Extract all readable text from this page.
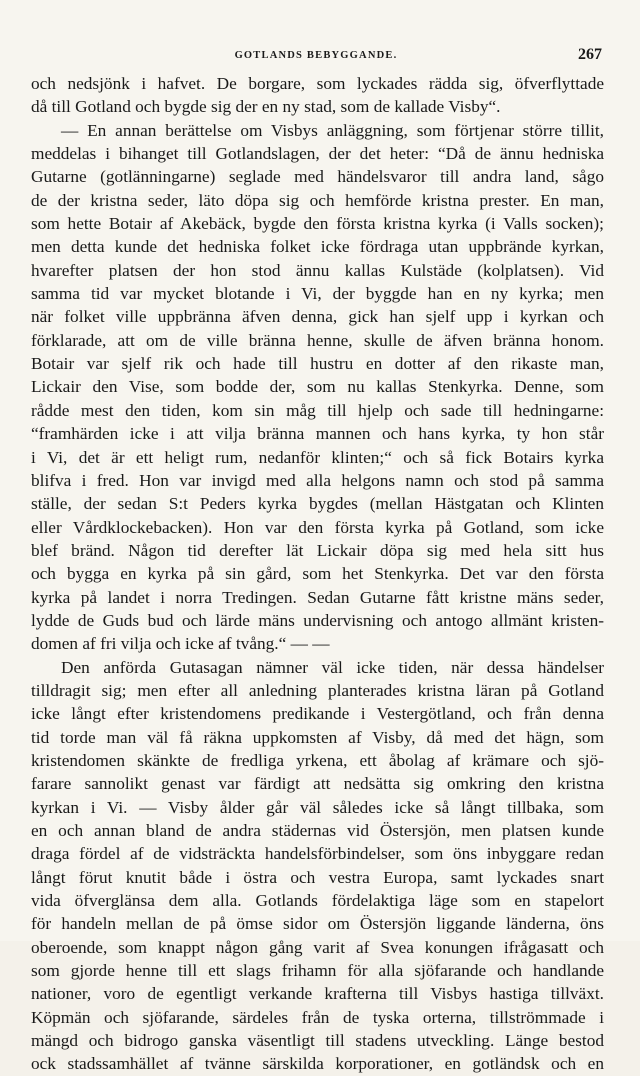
GOTLANDS BEBYGGANDE.	267
och nedsjönk i hafvet. De borgare, som lyckades rädda sig, öfverflyttade
då till Gotland och bygde sig der en ny stad, som de kallade Visby“.
— En annan berättelse om Visbys anläggning, som förtjenar större tillit,
meddelas i bihanget till Gotlandslagen, der det heter: “Då de ännu hedniska
Gutarne (gotlänningarne) seglade med händelsvaror till andra land, sågo
de der kristna seder, läto döpa sig och hemförde kristna prester. En man,
som hette Botair af Akebäck, bygde den första kristna kyrka (i Valls socken);
men detta kunde det hedniska folket icke fördraga utan uppbrände kyrkan,
hvarefter platsen der hon stod ännu kallas Kulstäde (kolplatsen). Vid
samma tid var mycket blotande i Vi, der byggde han en ny kyrka; men
när folket ville uppbränna äfven denna, gick han sjelf upp i kyrkan och
förklarade, att om de ville bränna henne, skulle de äfven bränna honom.
Botair var sjelf rik och hade till hustru en dotter af den rikaste man,
Lickair den Vise, som bodde der, som nu kallas Stenkyrka. Denne, som
rådde mest den tiden, kom sin måg till hjelp och sade till hedningarne:
“framhärden icke i att vilja bränna mannen och hans kyrka, ty hon står
i Vi, det är ett heligt rum, nedanför klinten;“ och så fick Botairs kyrka
blifva i fred. Hon var invigd med alla helgons namn och stod på samma
ställe, der sedan S:t Peders kyrka bygdes (mellan Hästgatan och Klinten
eller Vårdklockebacken). Hon var den första kyrka på Gotland, som icke
blef bränd. Någon tid derefter lät Lickair döpa sig med hela sitt hus
och bygga en kyrka på sin gård, som het Stenkyrka. Det var den första
kyrka på landet i norra Tredingen. Sedan Gutarne fått kristne mäns seder,
lydde de Guds bud och lärde mäns undervisning och antogo allmänt kristen-
domen af fri vilja och icke af tvång.“ — —
Den anförda Gutasagan nämner väl icke tiden, när dessa händelser
tilldragit sig; men efter all anledning planterades kristna läran på Gotland
icke långt efter kristendomens predikande i Vestergötland, och från denna
tid torde man väl få räkna uppkomsten af Visby, då med det hägn, som
kristendomen skänkte de fredliga yrkena, ett åbolag af krämare och sjö-
farare sannolikt genast var färdigt att nedsätta sig omkring den kristna
kyrkan i Vi. — Visby ålder går väl således icke så långt tillbaka, som
en och annan bland de andra städernas vid Östersjön, men platsen kunde
draga fördel af de vidsträckta handelsförbindelser, som öns inbyggare redan
långt förut knutit både i östra och vestra Europa, samt lyckades snart
vida öfverglänsa dem alla. Gotlands fördelaktiga läge som en stapelort
för handeln mellan de på ömse sidor om Östersjön liggande länderna, öns
oberoende, som knappt någon gång varit af Svea konungen ifrågasatt och
som gjorde henne till ett slags frihamn för alla sjöfarande och handlande
nationer, voro de egentligt verkande krafterna till Visbys hastiga tillväxt.
Köpmän och sjöfarande, särdeles från de tyska orterna, tillströmmade i
mängd och bidrogo ganska väsentligt till stadens utveckling. Länge bestod
ock stadssamhället af tvänne särskilda korporationer, en gotländsk och en
